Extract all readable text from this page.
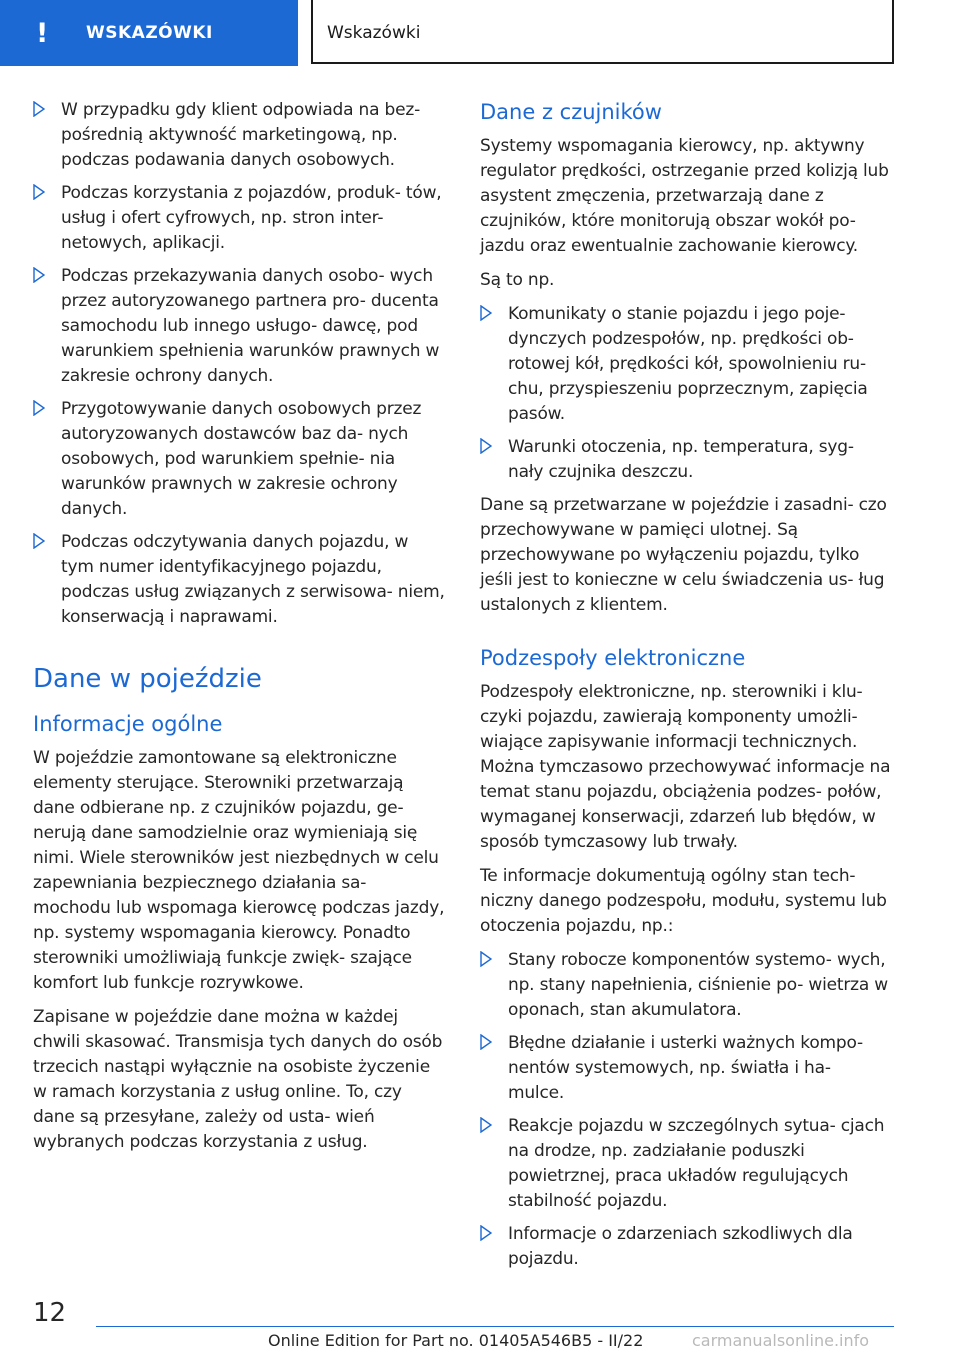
! WSKAZÓWKI	Wskazówki
W przypadku gdy klient odpowiada na bez- pośrednią aktywność marketingową, np. podczas podawania danych osobowych.
Podczas korzystania z pojazdów, produk- tów, usług i ofert cyfrowych, np. stron inter- netowych, aplikacji.
Podczas przekazywania danych osobo- wych przez autoryzowanego partnera pro- ducenta samochodu lub innego usługo- dawcę, pod warunkiem spełnienia warunków prawnych w zakresie ochrony danych.
Przygotowywanie danych osobowych przez autoryzowanych dostawców baz da- nych osobowych, pod warunkiem spełnie- nia warunków prawnych w zakresie ochrony danych.
Podczas odczytywania danych pojazdu, w tym numer identyfikacyjnego pojazdu, podczas usług związanych z serwisowa- niem, konserwacją i naprawami.
Dane w pojeździe
Informacje ogólne

W pojeździe zamontowane są elektroniczne elementy sterujące. Sterowniki przetwarzają dane odbierane np. z czujników pojazdu, ge- nerują dane samodzielnie oraz wymieniają się nimi. Wiele sterowników jest niezbędnych w celu zapewniania bezpiecznego działania sa- mochodu lub wspomaga kierowcę podczas jazdy, np. systemy wspomagania kierowcy. Ponadto sterowniki umożliwiają funkcje zwięk- szające komfort lub funkcje rozrywkowe.

Zapisane w pojeździe dane można w każdej chwili skasować. Transmisja tych danych do osób trzecich nastąpi wyłącznie na osobiste życzenie w ramach korzystania z usług online. To, czy dane są przesyłane, zależy od usta- wień wybranych podczas korzystania z usług.

Dane z czujników

Systemy wspomagania kierowcy, np. aktywny regulator prędkości, ostrzeganie przed kolizją lub asystent zmęczenia, przetwarzają dane z czujników, które monitorują obszar wokół po- jazdu oraz ewentualnie zachowanie kierowcy.

Są to np.

Komunikaty o stanie pojazdu i jego poje- dynczych podzespołów, np. prędkości ob- rotowej kół, prędkości kół, spowolnieniu ru- chu, przyspieszeniu poprzecznym, zapięcia pasów.
Warunki otoczenia, np. temperatura, syg- nały czujnika deszczu.

Dane są przetwarzane w pojeździe i zasadni- czo przechowywane w pamięci ulotnej. Są przechowywane po wyłączeniu pojazdu, tylko jeśli jest to konieczne w celu świadczenia us- ług ustalonych z klientem.

Podzespoły elektroniczne

Podzespoły elektroniczne, np. sterowniki i klu- czyki pojazdu, zawierają komponenty umożli- wiające zapisywanie informacji technicznych. Można tymczasowo przechowywać informacje na temat stanu pojazdu, obciążenia podzes- połów, wymaganej konserwacji, zdarzeń lub błędów, w sposób tymczasowy lub trwały.

Te informacje dokumentują ogólny stan tech- niczny danego podzespołu, modułu, systemu lub otoczenia pojazdu, np.:

Stany robocze komponentów systemo- wych, np. stany napełnienia, ciśnienie po- wietrza w oponach, stan akumulatora.
Błędne działanie i usterki ważnych kompo- nentów systemowych, np. światła i ha- mulce.
Reakcje pojazdu w szczególnych sytua- cjach na drodze, np. zadziałanie poduszki powietrznej, praca układów regulujących stabilność pojazdu.
Informacje o zdarzeniach szkodliwych dla pojazdu.
12
Online Edition for Part no. 01405A546B5 - II/22	carmanualsonline.info
